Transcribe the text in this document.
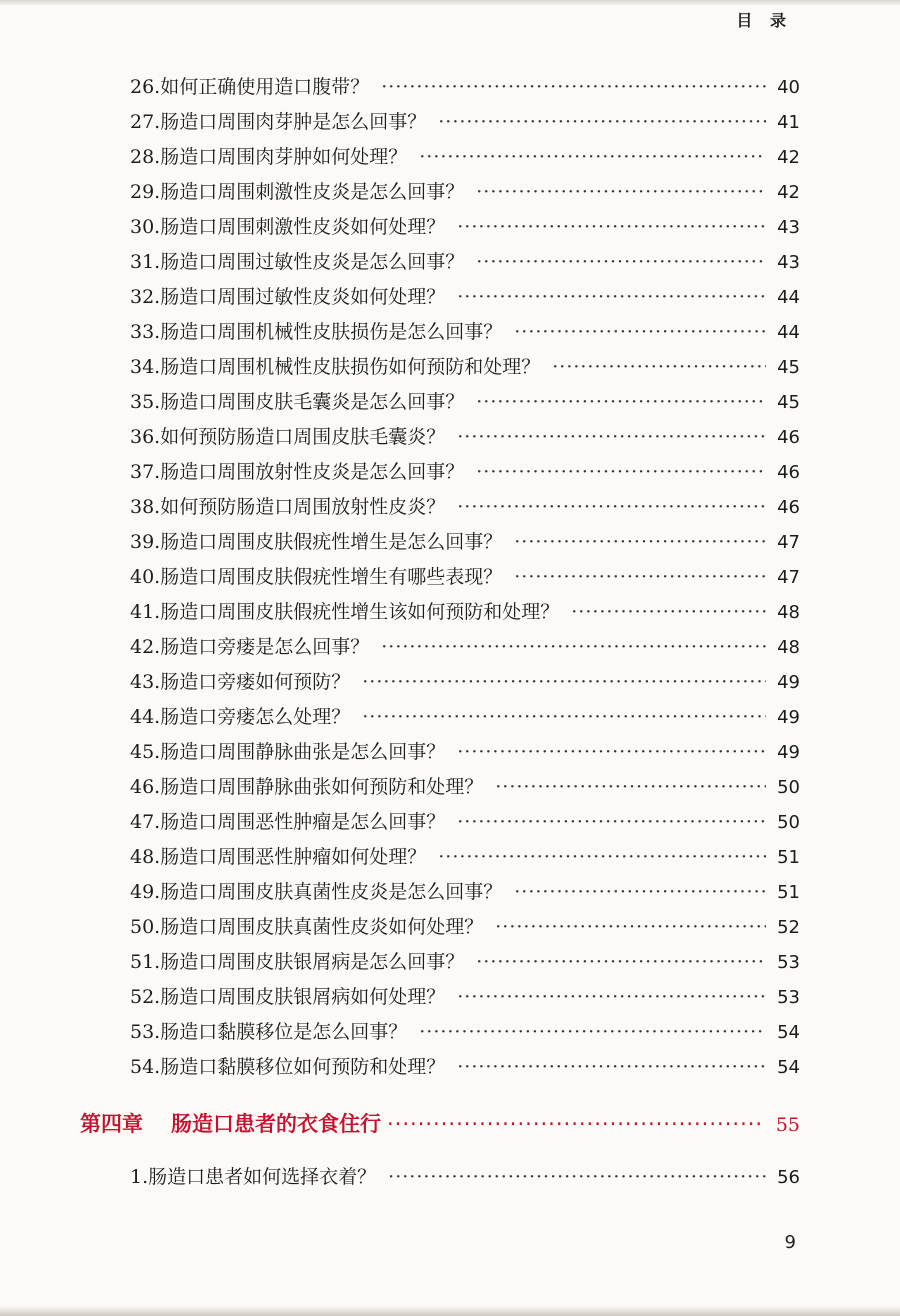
目 录
26. 如何正确使用造口腹带？ ·····	40
27. 肠造口周围肉芽肿是怎么回事？ ·····	41
28. 肠造口周围肉芽肿如何处理？ ·····	42
29. 肠造口周围刺激性皮炎是怎么回事？ ·····	42
30. 肠造口周围刺激性皮炎如何处理？ ·····	43
31. 肠造口周围过敏性皮炎是怎么回事？ ·····	43
32. 肠造口周围过敏性皮炎如何处理？ ·····	44
33. 肠造口周围机械性皮肤损伤是怎么回事？ ·····	44
34. 肠造口周围机械性皮肤损伤如何预防和处理？ ·····	45
35. 肠造口周围皮肤毛囊炎是怎么回事？ ·····	45
36. 如何预防肠造口周围皮肤毛囊炎？ ·····	46
37. 肠造口周围放射性皮炎是怎么回事？ ·····	46
38. 如何预防肠造口周围放射性皮炎？ ·····	46
39. 肠造口周围皮肤假疣性增生是怎么回事？ ·····	47
40. 肠造口周围皮肤假疣性增生有哪些表现？ ·····	47
41. 肠造口周围皮肤假疣性增生该如何预防和处理？ ·····	48
42. 肠造口旁瘘是怎么回事？ ·····	48
43. 肠造口旁瘘如何预防？ ·····	49
44. 肠造口旁瘘怎么处理？ ·····	49
45. 肠造口周围静脉曲张是怎么回事？ ·····	49
46. 肠造口周围静脉曲张如何预防和处理？ ·····	50
47. 肠造口周围恶性肿瘤是怎么回事？ ·····	50
48. 肠造口周围恶性肿瘤如何处理？ ·····	51
49. 肠造口周围皮肤真菌性皮炎是怎么回事？ ·····	51
50. 肠造口周围皮肤真菌性皮炎如何处理？ ·····	52
51. 肠造口周围皮肤银屑病是怎么回事？ ·····	53
52. 肠造口周围皮肤银屑病如何处理？ ·····	53
53. 肠造口黏膜移位是怎么回事？ ·····	54
54. 肠造口黏膜移位如何预防和处理？ ·····	54
第四章 肠造口患者的衣食住行 ·····	55
1. 肠造口患者如何选择衣着？ ·····	56
9
